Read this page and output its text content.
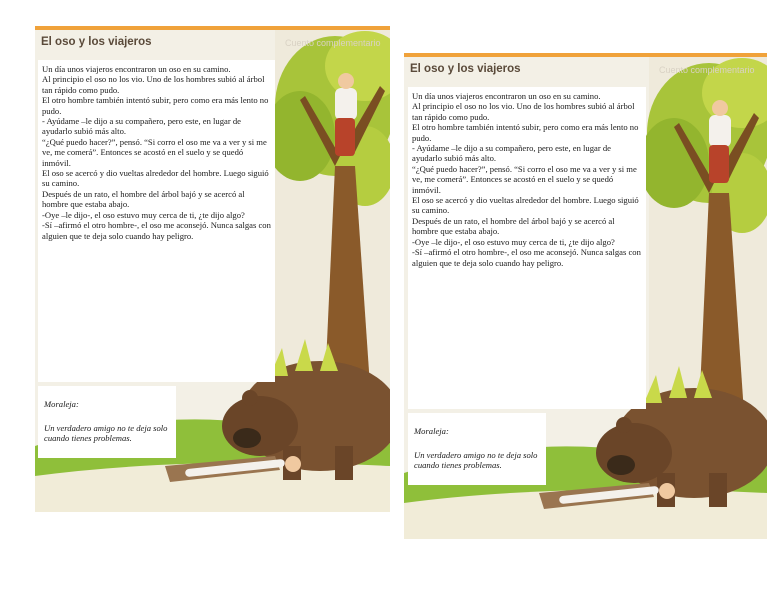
El oso y los viajeros	Cuento complementario

Un día unos viajeros encontraron un oso en su camino.

Al principio el oso no los vio. Uno de los hombres subió al árbol tan rápido como pudo.

El otro hombre también intentó subir, pero como era más lento no pudo.

- Ayúdame –le dijo a su compañero, pero este, en lugar de ayudarlo subió más alto.

“¿Qué puedo hacer?”, pensó. “Si corro el oso me va a ver y si me ve, me comerá”. Entonces se acostó en el suelo y se quedó inmóvil.

El oso se acercó y dio vueltas alrededor del hombre. Luego siguió su camino.

Después de un rato, el hombre del árbol bajó y se acercó al hombre que estaba abajo.

-Oye –le dijo-, el oso estuvo muy cerca de ti, ¿te dijo algo?

-Sí –afirmó el otro hombre-, el oso me aconsejó. Nunca salgas con alguien que te deja solo cuando hay peligro.

Moraleja:

Un verdadero amigo no te deja solo cuando tienes problemas.

El oso y los viajeros	Cuento complementario

Un día unos viajeros encontraron un oso en su camino.

Al principio el oso no los vio. Uno de los hombres subió al árbol tan rápido como pudo.

El otro hombre también intentó subir, pero como era más lento no pudo.

- Ayúdame –le dijo a su compañero, pero este, en lugar de ayudarlo subió más alto.

“¿Qué puedo hacer?”, pensó. “Si corro el oso me va a ver y si me ve, me comerá”. Entonces se acostó en el suelo y se quedó inmóvil.

El oso se acercó y dio vueltas alrededor del hombre. Luego siguió su camino.

Después de un rato, el hombre del árbol bajó y se acercó al hombre que estaba abajo.

-Oye –le dijo-, el oso estuvo muy cerca de ti, ¿te dijo algo?

-Sí –afirmó el otro hombre-, el oso me aconsejó. Nunca salgas con alguien que te deja solo cuando hay peligro.

Moraleja:

Un verdadero amigo no te deja solo cuando tienes problemas.
